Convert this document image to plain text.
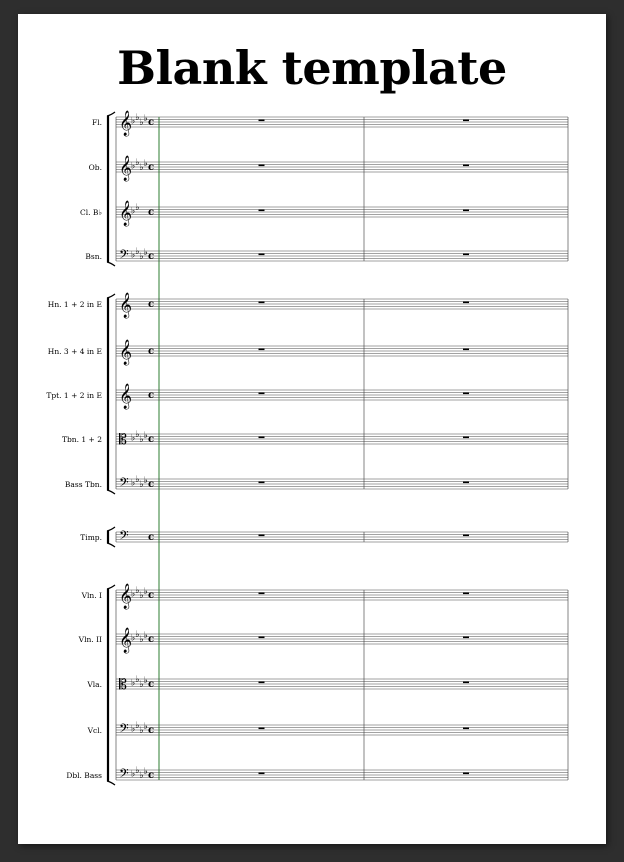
Blank template
Fl. 𝄞
♭ ♭ ♭ ♭ c
Ob. 𝄞
♭ ♭ ♭ ♭ c
Cl. B♭ 𝄞
♭ ♭ c
Bsn. 𝄢 ♭ ♭ ♭ ♭ c
Hn. 1 + 2 in E 𝄞 c
Hn. 3 + 4 in E 𝄞 c
Tpt. 1 + 2 in E 𝄞 c
Tbn. 1 + 2 𝄡 ♭ ♭ ♭ ♭ c
Bass Tbn. 𝄢 ♭ ♭ ♭ ♭ c
Timp. 𝄢 c
Vln. I 𝄞
♭ ♭ ♭ ♭ c
Vln. II 𝄞
♭ ♭ ♭ ♭ c
Vla. 𝄡 ♭ ♭ ♭ ♭ c
Vcl. 𝄢 ♭ ♭ ♭ ♭ c
Dbl. Bass 𝄢 ♭ ♭ ♭ ♭ c
